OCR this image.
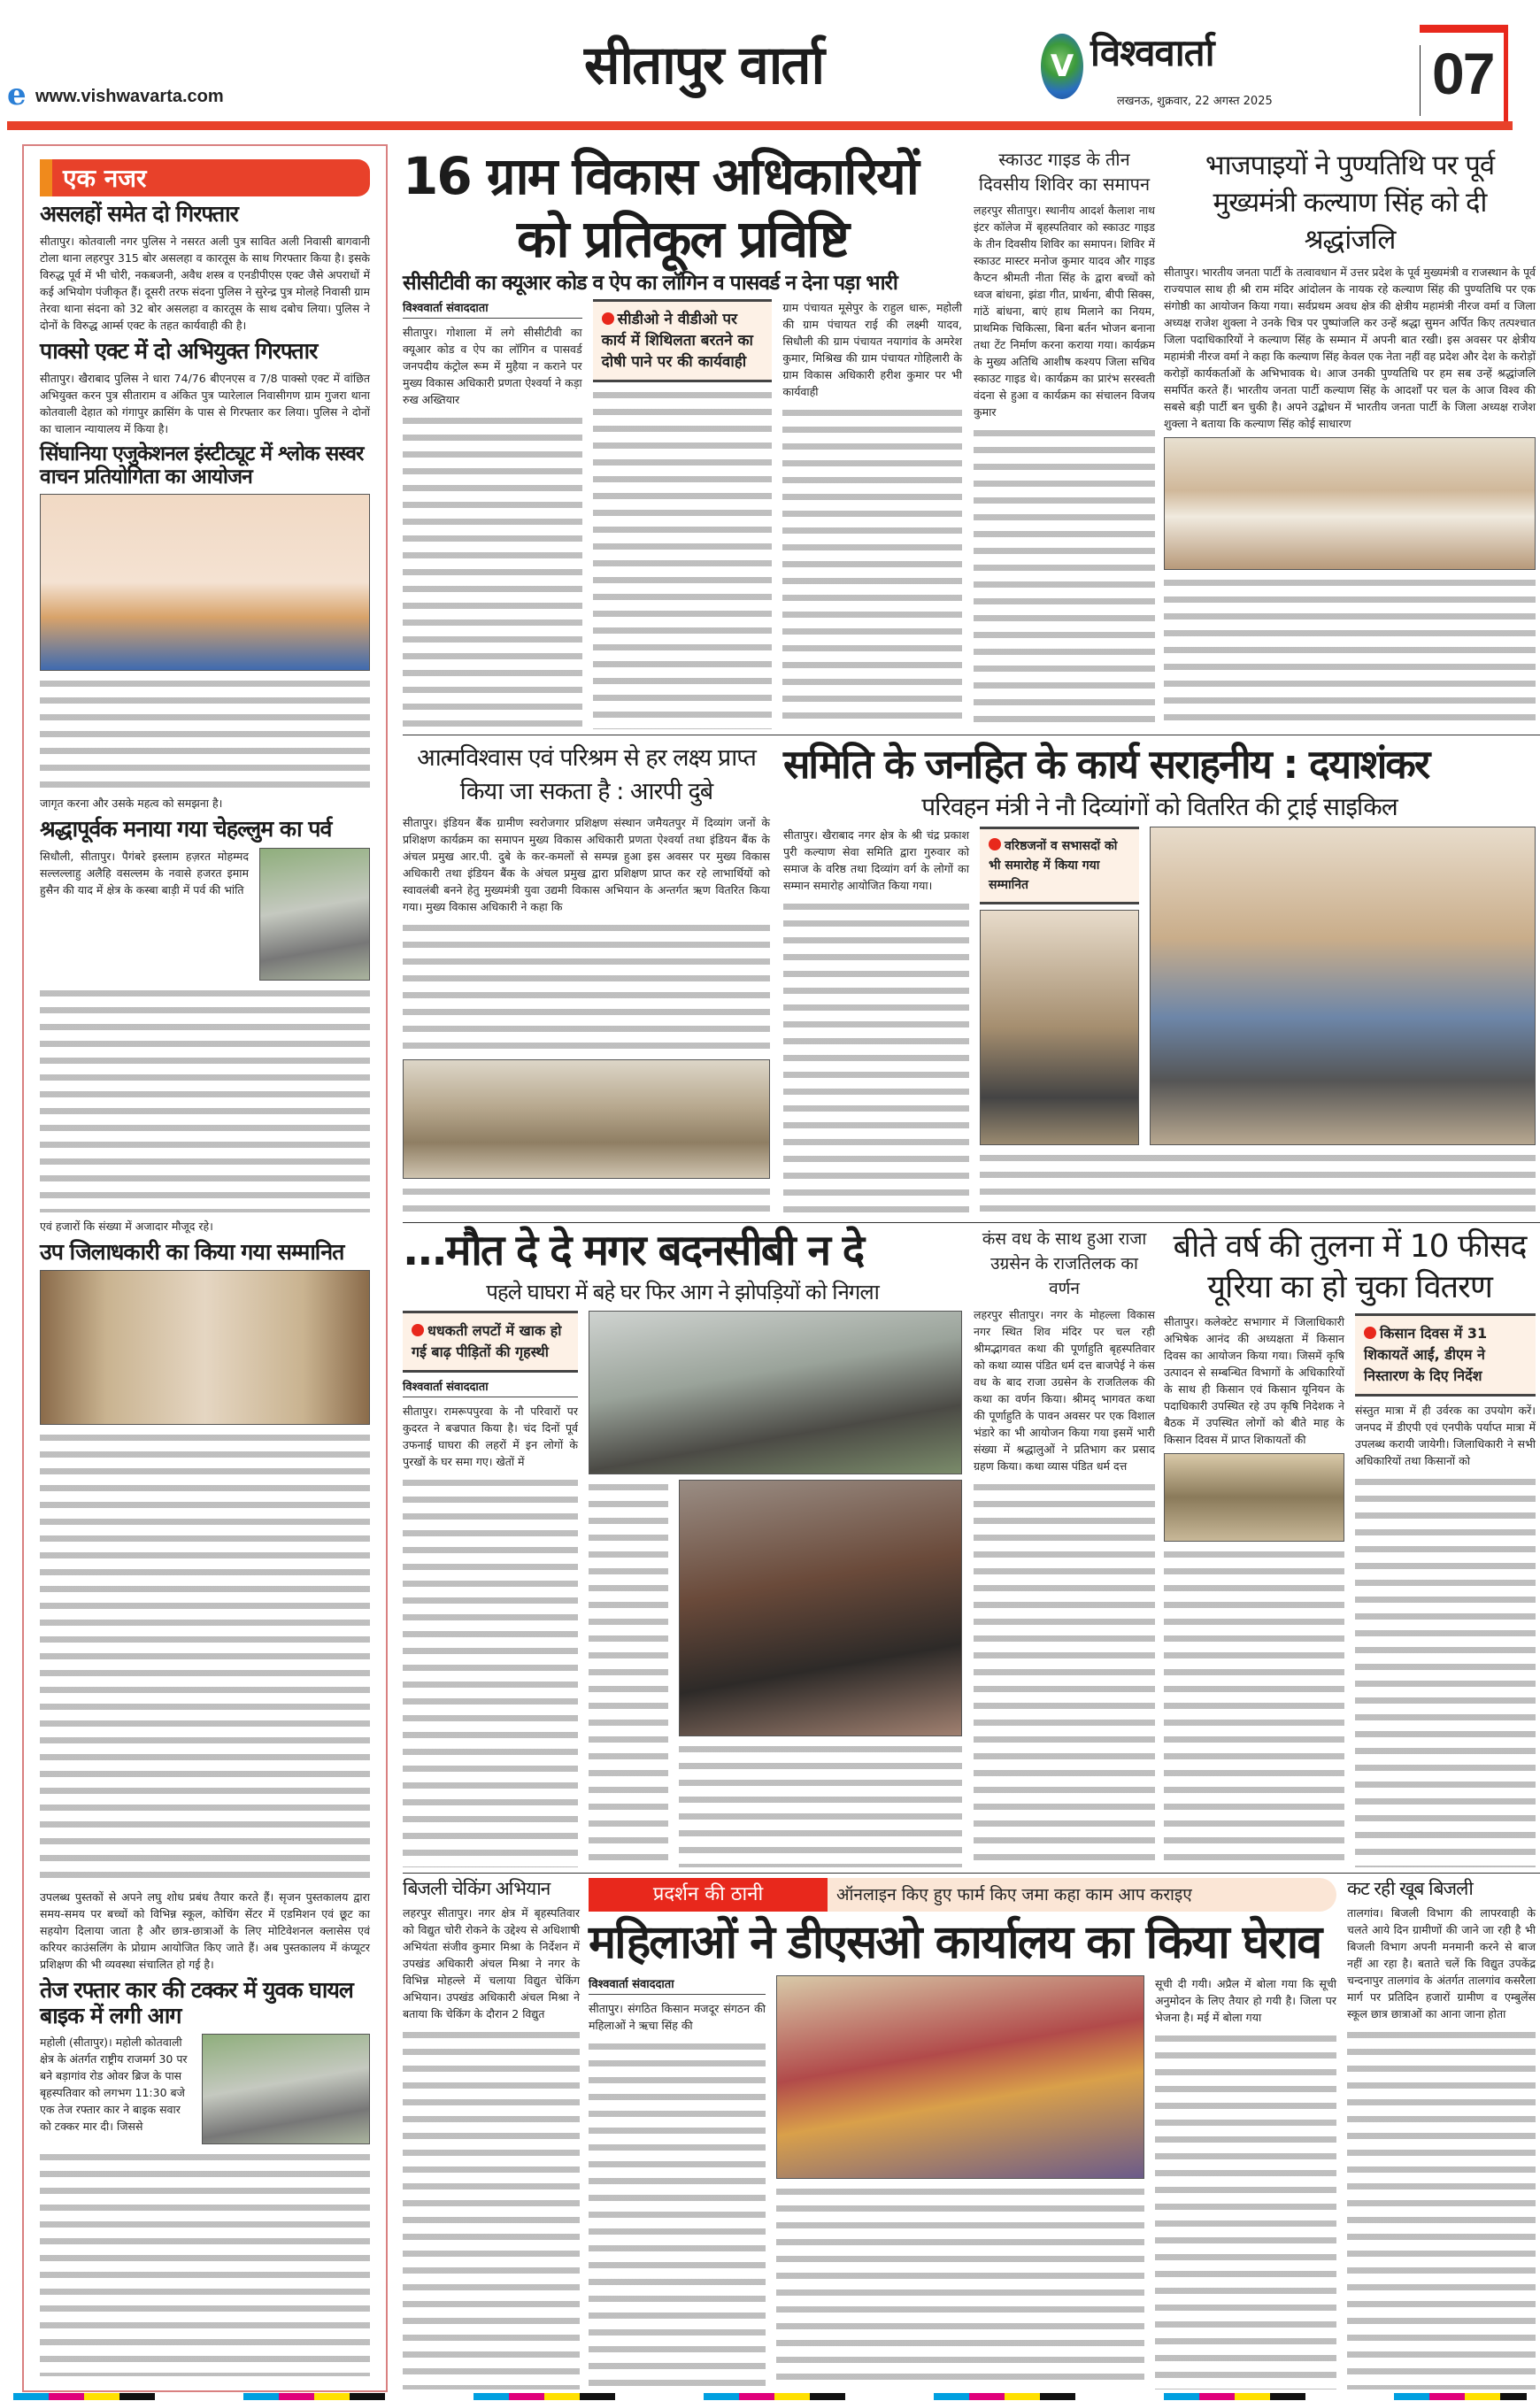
e www.vishwavarta.com	सीतापुर वार्ता	V विश्ववार्ता
लखनऊ, शुक्रवार, 22 अगस्त 2025	07
एक नजर
असलहों समेत दो गिरफ्तार
सीतापुर। कोतवाली नगर पुलिस ने नसरत अली पुत्र सावित अली निवासी बागवानी टोला थाना लहरपुर 315 बोर असलहा व कारतूस के साथ गिरफ्तार किया है। इसके विरुद्ध पूर्व में भी चोरी, नकबजनी, अवैध शस्त्र व एनडीपीएस एक्ट जैसे अपराधों में कई अभियोग पंजीकृत हैं। दूसरी तरफ संदना पुलिस ने सुरेन्द्र पुत्र मोलहे निवासी ग्राम तेरवा थाना संदना को 32 बोर असलहा व कारतूस के साथ दबोच लिया। पुलिस ने दोनों के विरुद्ध आर्म्स एक्ट के तहत कार्यवाही की है।
पाक्सो एक्ट में दो अभियुक्त गिरफ्तार
सीतापुर। खैराबाद पुलिस ने धारा 74/76 बीएनएस व 7/8 पाक्सो एक्ट में वांछित अभियुक्त करन पुत्र सीताराम व अंकित पुत्र प्यारेलाल निवासीगण ग्राम गुजरा थाना कोतवाली देहात को गंगापुर क्रासिंग के पास से गिरफ्तार कर लिया। पुलिस ने दोनों का चालान न्यायालय में किया है।
सिंघानिया एजुकेशनल इंस्टीट्यूट में श्लोक सस्वर वाचन प्रतियोगिता का आयोजन
जागृत करना और उसके महत्व को समझना है।
श्रद्धापूर्वक मनाया गया चेहल्लुम का पर्व
सिधौली, सीतापुर। पैगंबरे इस्लाम हज़रत मोहम्मद सल्लल्लाहु अलैहि वसल्लम के नवासे हजरत इमाम हुसैन की याद में क्षेत्र के कस्बा बाड़ी में पर्व की भांति
एवं हजारों कि संख्या में अजादार मौजूद रहे।
उप जिलाधकारी का किया गया सम्मानित
उपलब्ध पुस्तकों से अपने लघु शोध प्रबंध तैयार करते हैं। सृजन पुस्तकालय द्वारा समय-समय पर बच्चों को विभिन्न स्कूल, कोचिंग सेंटर में एडमिशन एवं छूट का सहयोग दिलाया जाता है और छात्र-छात्राओं के लिए मोटिवेशनल क्लासेस एवं करियर काउंसलिंग के प्रोग्राम आयोजित किए जाते हैं। अब पुस्तकालय में कंप्यूटर प्रशिक्षण की भी व्यवस्था संचालित हो गई है।
तेज रफ्तार कार की टक्कर में युवक घायल बाइक में लगी आग
महोली (सीतापुर)। महोली कोतवाली क्षेत्र के अंतर्गत राष्ट्रीय राजमर्ग 30 पर बने बड़ागांव रोड ओवर ब्रिज के पास बृहस्पतिवार को लगभग 11:30 बजे एक तेज रफ्तार कार ने बाइक सवार को टक्कर मार दी। जिससे
16 ग्राम विकास अधिकारियों
को प्रतिकूल प्रविष्टि
सीसीटीवी का क्यूआर कोड व ऐप का लॉगिन व पासवर्ड न देना पड़ा भारी
विश्ववार्ता संवाददाता
सीतापुर। गोशाला में लगे सीसीटीवी का क्यूआर कोड व ऐप का लॉगिन व पासवर्ड जनपदीय कंट्रोल रूम में मुहैया न कराने पर मुख्य विकास अधिकारी प्रणता ऐश्वर्या ने कड़ा रुख अख्तियार
सीडीओ ने वीडीओ पर कार्य में शिथिलता बरतने का दोषी पाने पर की कार्यवाही
ग्राम पंचायत मूसेपुर के राहुल धारू, महोली की ग्राम पंचायत राई की लक्ष्मी यादव, सिधौली की ग्राम पंचायत नयागांव के अमरेश कुमार, मिश्रिख की ग्राम पंचायत गोहिलारी के ग्राम विकास अधिकारी हरीश कुमार पर भी कार्यवाही
स्काउट गाइड के तीन दिवसीय शिविर का समापन
लहरपुर सीतापुर। स्थानीय आदर्श कैलाश नाथ इंटर कॉलेज में बृहस्पतिवार को स्काउट गाइड के तीन दिवसीय शिविर का समापन। शिविर में स्काउट मास्टर मनोज कुमार यादव और गाइड कैप्टन श्रीमती नीता सिंह के द्वारा बच्चों को ध्वज बांधना, झंडा गीत, प्रार्थना, बीपी सिक्स, गांठें बांधना, बाएं हाथ मिलाने का नियम, प्राथमिक चिकित्सा, बिना बर्तन भोजन बनाना तथा टेंट निर्माण करना कराया गया। कार्यक्रम के मुख्य अतिथि आशीष कश्यप जिला सचिव स्काउट गाइड थे। कार्यक्रम का प्रारंभ सरस्वती वंदना से हुआ व कार्यक्रम का संचालन विजय कुमार
भाजपाइयों ने पुण्यतिथि पर पूर्व मुख्यमंत्री कल्याण सिंह को दी श्रद्धांजलि
सीतापुर। भारतीय जनता पार्टी के तत्वावधान में उत्तर प्रदेश के पूर्व मुख्यमंत्री व राजस्थान के पूर्व राज्यपाल साथ ही श्री राम मंदिर आंदोलन के नायक रहे कल्याण सिंह की पुण्यतिथि पर एक संगोष्ठी का आयोजन किया गया। सर्वप्रथम अवध क्षेत्र की क्षेत्रीय महामंत्री नीरज वर्मा व जिला अध्यक्ष राजेश शुक्ला ने उनके चित्र पर पुष्पांजलि कर उन्हें श्रद्धा सुमन अर्पित किए तत्पश्चात जिला पदाधिकारियों ने कल्याण सिंह के सम्मान में अपनी बात रखी। इस अवसर पर क्षेत्रीय महामंत्री नीरज वर्मा ने कहा कि कल्याण सिंह केवल एक नेता नहीं वह प्रदेश और देश के करोड़ों करोड़ों कार्यकर्ताओं के अभिभावक थे। आज उनकी पुण्यतिथि पर हम सब उन्हें श्रद्धांजलि समर्पित करते हैं। भारतीय जनता पार्टी कल्याण सिंह के आदर्शों पर चल के आज विश्व की सबसे बड़ी पार्टी बन चुकी है। अपने उद्बोधन में भारतीय जनता पार्टी के जिला अध्यक्ष राजेश शुक्ला ने बताया कि कल्याण सिंह कोई साधारण
आत्मविश्वास एवं परिश्रम से हर लक्ष्य प्राप्त किया जा सकता है : आरपी दुबे
सीतापुर। इंडियन बैंक ग्रामीण स्वरोजगार प्रशिक्षण संस्थान जमैयतपुर में दिव्यांग जनों के प्रशिक्षण कार्यक्रम का समापन मुख्य विकास अधिकारी प्रणता ऐश्वर्या तथा इंडियन बैंक के अंचल प्रमुख आर.पी. दुबे के कर-कमलों से सम्पन्न हुआ इस अवसर पर मुख्य विकास अधिकारी तथा इंडियन बैंक के अंचल प्रमुख द्वारा प्रशिक्षण प्राप्त कर रहे लाभार्थियों को स्वावलंबी बनने हेतु मुख्यमंत्री युवा उद्यमी विकास अभियान के अन्तर्गत ऋण वितरित किया गया। मुख्य विकास अधिकारी ने कहा कि
समिति के जनहित के कार्य सराहनीय : दयाशंकर
परिवहन मंत्री ने नौ दिव्यांगों को वितरित की ट्राई साइकिल
सीतापुर। खैराबाद नगर क्षेत्र के श्री चंद्र प्रकाश पुरी कल्याण सेवा समिति द्वारा गुरुवार को समाज के वरिष्ठ तथा दिव्यांग वर्ग के लोगों का सम्मान समारोह आयोजित किया गया।
वरिष्ठजनों व सभासदों को भी समारोह में किया गया सम्मानित
...मौत दे दे मगर बदनसीबी न दे
पहले घाघरा में बहे घर फिर आग ने झोपड़ियों को निगला
धधकती लपटों में खाक हो गई बाढ़ पीड़ितों की गृहस्थी
विश्ववार्ता संवाददाता
सीतापुर। रामरूपपुरवा के नौ परिवारों पर कुदरत ने बज्रपात किया है। चंद दिनों पूर्व उफनाई घाघरा की लहरों में इन लोगों के पुरखों के घर समा गए। खेतों में
कंस वध के साथ हुआ राजा उग्रसेन के राजतिलक का वर्णन
लहरपुर सीतापुर। नगर के मोहल्ला विकास नगर स्थित शिव मंदिर पर चल रही श्रीमद्भागवत कथा की पूर्णाहुति बृहस्पतिवार को कथा व्यास पंडित धर्म दत्त बाजपेई ने कंस वध के बाद राजा उग्रसेन के राजतिलक की कथा का वर्णन किया। श्रीमद् भागवत कथा की पूर्णाहुति के पावन अवसर पर एक विशाल भंडारे का भी आयोजन किया गया इसमें भारी संख्या में श्रद्धालुओं ने प्रतिभाग कर प्रसाद ग्रहण किया। कथा व्यास पंडित धर्म दत्त
बीते वर्ष की तुलना में 10 फीसद यूरिया का हो चुका वितरण
सीतापुर। कलेक्टेट सभागार में जिलाधिकारी अभिषेक आनंद की अध्यक्षता में किसान दिवस का आयोजन किया गया। जिसमें कृषि उत्पादन से सम्बन्धित विभागों के अधिकारियों के साथ ही किसान एवं किसान यूनियन के पदाधिकारी उपस्थित रहे उप कृषि निदेशक ने बैठक में उपस्थित लोगों को बीते माह के किसान दिवस में प्राप्त शिकायतों की
किसान दिवस में 31 शिकायतें आईं, डीएम ने निस्तारण के दिए निर्देश
संस्तुत मात्रा में ही उर्वरक का उपयोग करें। जनपद में डीएपी एवं एनपीके पर्याप्त मात्रा में उपलब्ध करायी जायेगी। जिलाधिकारी ने सभी अधिकारियों तथा किसानों को
बिजली चेकिंग अभियान
लहरपुर सीतापुर। नगर क्षेत्र में बृहस्पतिवार को विद्युत चोरी रोकने के उद्देश्य से अधिशाषी अभियंता संजीव कुमार मिश्रा के निर्देशन में उपखंड अधिकारी अंचल मिश्रा ने नगर के विभिन्न मोहल्ले में चलाया विद्युत चेकिंग अभियान। उपखंड अधिकारी अंचल मिश्रा ने बताया कि चेकिंग के दौरान 2 विद्युत
प्रदर्शन की ठानी	ऑनलाइन किए हुए फार्म किए जमा कहा काम आप कराइए
महिलाओं ने डीएसओ कार्यालय का किया घेराव
विश्ववार्ता संवाददाता
सीतापुर। संगठित किसान मजदूर संगठन की महिलाओं ने ऋचा सिंह की
सूची दी गयी। अप्रैल में बोला गया कि सूची अनुमोदन के लिए तैयार हो गयी है। जिला पर भेजना है। मई में बोला गया
कट रही खूब बिजली
तालगांव। बिजली विभाग की लापरवाही के चलते आये दिन ग्रामीणों की जाने जा रही है भी बिजली विभाग अपनी मनमानी करने से बाज नहीं आ रहा है। बताते चलें कि विद्युत उपकेंद्र चन्दनापुर तालगांव के अंतर्गत तालगांव कसरैला मार्ग पर प्रतिदिन हजारों ग्रामीण व एम्बुलेंस स्कूल छात्र छात्राओं का आना जाना होता
